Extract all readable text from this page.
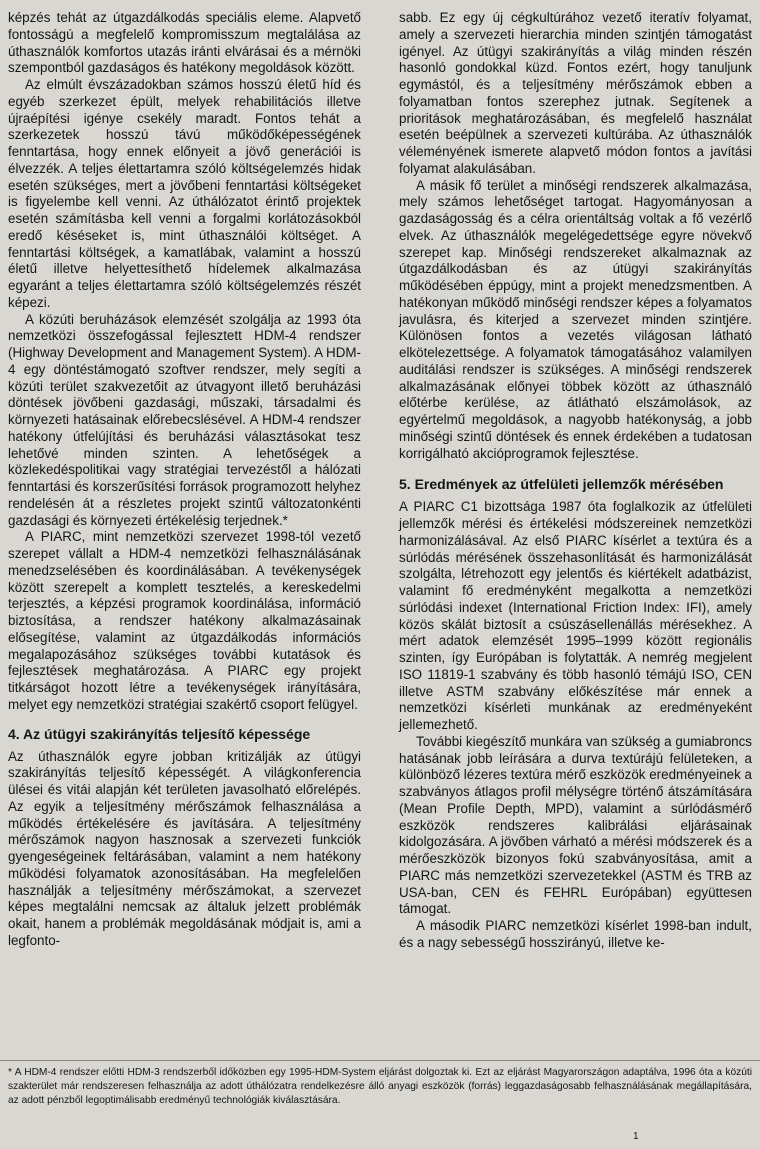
képzés tehát az útgazdálkodás speciális eleme. Alapvető fontosságú a megfelelő kompromisszum megtalálása az úthasználók komfortos utazás iránti elvárásai és a mérnöki szempontból gazdaságos és hatékony megoldások között.

Az elmúlt évszázadokban számos hosszú életű híd és egyéb szerkezet épült, melyek rehabilitációs illetve újraépítési igénye csekély maradt. Fontos tehát a szerkezetek hosszú távú működőképességének fenntartása, hogy ennek előnyeit a jövő generációi is élvezzék. A teljes élettartamra szóló költségelemzés hidak esetén szükséges, mert a jövőbeni fenntartási költségeket is figyelembe kell venni. Az úthálózatot érintő projektek esetén számításba kell venni a forgalmi korlátozásokból eredő késéseket is, mint úthasználói költséget. A fenntartási költségek, a kamatlábak, valamint a hosszú életű illetve helyettesíthető hídelemek alkalmazása egyaránt a teljes élettartamra szóló költségelemzés részét képezi.

A közúti beruházások elemzését szolgálja az 1993 óta nemzetközi összefogással fejlesztett HDM-4 rendszer (Highway Development and Management System). A HDM-4 egy döntéstámogató szoftver rendszer, mely segíti a közúti terület szakvezetőit az útvagyont illető beruházási döntések jövőbeni gazdasági, műszaki, társadalmi és környezeti hatásainak előrebecslésével. A HDM-4 rendszer hatékony útfelújítási és beruházási választásokat tesz lehetővé minden szinten. A lehetőségek a közlekedéspolitikai vagy stratégiai tervezéstől a hálózati fenntartási és korszerűsítési források programozott helyhez rendelésén át a részletes projekt szintű változatonkénti gazdasági és környezeti értékelésig terjednek.*

A PIARC, mint nemzetközi szervezet 1998-tól vezető szerepet vállalt a HDM-4 nemzetközi felhasználásának menedzselésében és koordinálásában. A tevékenységek között szerepelt a komplett tesztelés, a kereskedelmi terjesztés, a képzési programok koordinálása, információ biztosítása, a rendszer hatékony alkalmazásainak elősegítése, valamint az útgazdálkodás információs megalapozásához szükséges további kutatások és fejlesztések meghatározása. A PIARC egy projekt titkárságot hozott létre a tevékenységek irányítására, melyet egy nemzetközi stratégiai szakértő csoport felügyel.

4. Az útügyi szakirányítás teljesítő képessége

Az úthasználók egyre jobban kritizálják az útügyi szakirányítás teljesítő képességét. A világkonferencia ülései és vitái alapján két területen javasolható előrelépés. Az egyik a teljesítmény mérőszámok felhasználása a működés értékelésére és javítására. A teljesítmény mérőszámok nagyon hasznosak a szervezeti funkciók gyengeségeinek feltárásában, valamint a nem hatékony működési folyamatok azonosításában. Ha megfelelően használják a teljesítmény mérőszámokat, a szervezet képes megtalálni nemcsak az általuk jelzett problémák okait, hanem a problémák megoldásának módjait is, ami a legfonto-

sabb. Ez egy új cégkultúrához vezető iteratív folyamat, amely a szervezeti hierarchia minden szintjén támogatást igényel. Az útügyi szakirányítás a világ minden részén hasonló gondokkal küzd. Fontos ezért, hogy tanuljunk egymástól, és a teljesítmény mérőszámok ebben a folyamatban fontos szerephez jutnak. Segítenek a prioritások meghatározásában, és megfelelő használat esetén beépülnek a szervezeti kultúrába. Az úthasználók véleményének ismerete alapvető módon fontos a javítási folyamat alakulásában.

A másik fő terület a minőségi rendszerek alkalmazása, mely számos lehetőséget tartogat. Hagyományosan a gazdaságosság és a célra orientáltság voltak a fő vezérlő elvek. Az úthasználók megelégedettsége egyre növekvő szerepet kap. Minőségi rendszereket alkalmaznak az útgazdálkodásban és az útügyi szakirányítás működésében éppúgy, mint a projekt menedzsmentben. A hatékonyan működő minőségi rendszer képes a folyamatos javulásra, és kiterjed a szervezet minden szintjére. Különösen fontos a vezetés világosan látható elkötelezettsége. A folyamatok támogatásához valamilyen auditálási rendszer is szükséges. A minőségi rendszerek alkalmazásának előnyei többek között az úthasználó előtérbe kerülése, az átlátható elszámolások, az egyértelmű megoldások, a nagyobb hatékonyság, a jobb minőségi szintű döntések és ennek érdekében a tudatosan korrigálható akcióprogramok fejlesztése.

5. Eredmények az útfelületi jellemzők mérésében

A PIARC C1 bizottsága 1987 óta foglalkozik az útfelületi jellemzők mérési és értékelési módszereinek nemzetközi harmonizálásával. Az első PIARC kísérlet a textúra és a súrlódás mérésének összehasonlítását és harmonizálását szolgálta, létrehozott egy jelentős és kiértékelt adatbázist, valamint fő eredményként megalkotta a nemzetközi súrlódási indexet (International Friction Index: IFI), amely közös skálát biztosít a csúszásellenállás mérésekhez. A mért adatok elemzését 1995–1999 között regionális szinten, így Európában is folytatták. A nemrég megjelent ISO 11819-1 szabvány és több hasonló témájú ISO, CEN illetve ASTM szabvány előkészítése már ennek a nemzetközi kísérleti munkának az eredményeként jellemezhető.

További kiegészítő munkára van szükség a gumiabroncs hatásának jobb leírására a durva textúrájú felületeken, a különböző lézeres textúra mérő eszközök eredményeinek a szabványos átlagos profil mélységre történő átszámítására (Mean Profile Depth, MPD), valamint a súrlódásmérő eszközök rendszeres kalibrálási eljárásainak kidolgozására. A jövőben várható a mérési módszerek és a mérőeszközök bizonyos fokú szabványosítása, amit a PIARC más nemzetközi szervezetekkel (ASTM és TRB az USA-ban, CEN és FEHRL Európában) együttesen támogat.

A második PIARC nemzetközi kísérlet 1998-ban indult, és a nagy sebességű hosszirányú, illetve ke-

* A HDM-4 rendszer előtti HDM-3 rendszerből időközben egy 1995-HDM-System eljárást dolgoztak ki. Ezt az eljárást Magyarországon adaptálva, 1996 óta a közúti szakterület már rendszeresen felhasználja az adott úthálózatra rendelkezésre álló anyagi eszközök (forrás) leggazdaságosabb felhasználásának megállapítására, az adott pénzből legoptimálisabb eredményű technológiák kiválasztására.
1
